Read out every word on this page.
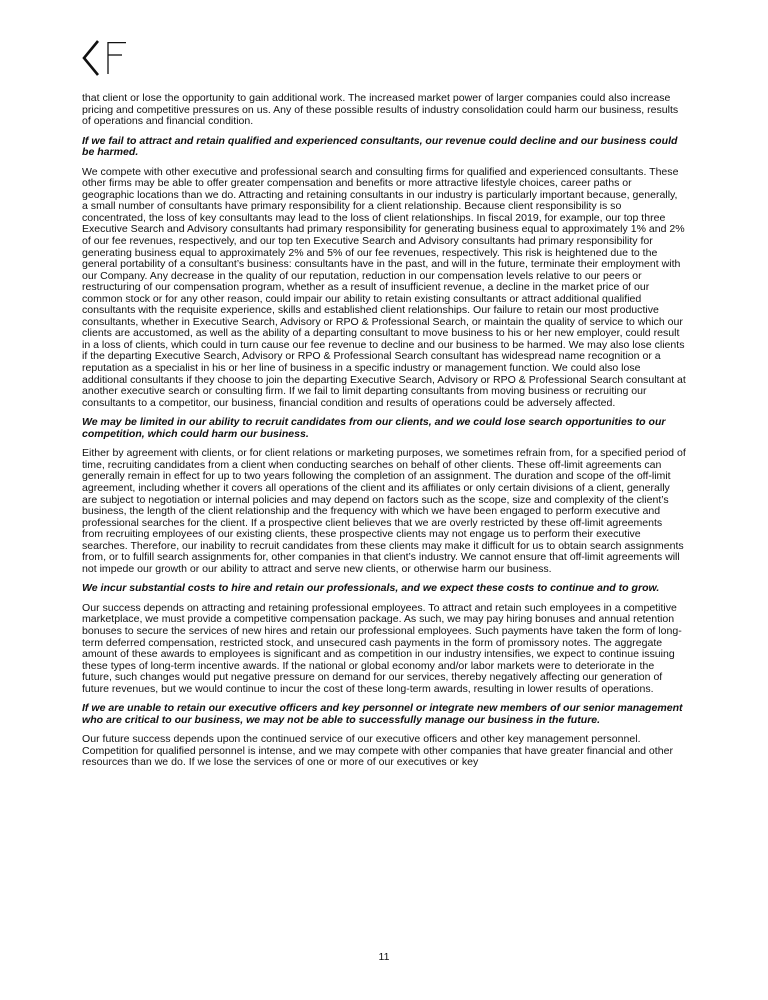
that client or lose the opportunity to gain additional work. The increased market power of larger companies could also increase pricing and competitive pressures on us. Any of these possible results of industry consolidation could harm our business, results of operations and financial condition.

If we fail to attract and retain qualified and experienced consultants, our revenue could decline and our business could be harmed.

We compete with other executive and professional search and consulting firms for qualified and experienced consultants. These other firms may be able to offer greater compensation and benefits or more attractive lifestyle choices, career paths or geographic locations than we do. Attracting and retaining consultants in our industry is particularly important because, generally, a small number of consultants have primary responsibility for a client relationship. Because client responsibility is so concentrated, the loss of key consultants may lead to the loss of client relationships. In fiscal 2019, for example, our top three Executive Search and Advisory consultants had primary responsibility for generating business equal to approximately 1% and 2% of our fee revenues, respectively, and our top ten Executive Search and Advisory consultants had primary responsibility for generating business equal to approximately 2% and 5% of our fee revenues, respectively. This risk is heightened due to the general portability of a consultant’s business: consultants have in the past, and will in the future, terminate their employment with our Company. Any decrease in the quality of our reputation, reduction in our compensation levels relative to our peers or restructuring of our compensation program, whether as a result of insufficient revenue, a decline in the market price of our common stock or for any other reason, could impair our ability to retain existing consultants or attract additional qualified consultants with the requisite experience, skills and established client relationships. Our failure to retain our most productive consultants, whether in Executive Search, Advisory or RPO & Professional Search, or maintain the quality of service to which our clients are accustomed, as well as the ability of a departing consultant to move business to his or her new employer, could result in a loss of clients, which could in turn cause our fee revenue to decline and our business to be harmed. We may also lose clients if the departing Executive Search, Advisory or RPO & Professional Search consultant has widespread name recognition or a reputation as a specialist in his or her line of business in a specific industry or management function. We could also lose additional consultants if they choose to join the departing Executive Search, Advisory or RPO & Professional Search consultant at another executive search or consulting firm. If we fail to limit departing consultants from moving business or recruiting our consultants to a competitor, our business, financial condition and results of operations could be adversely affected.

We may be limited in our ability to recruit candidates from our clients, and we could lose search opportunities to our competition, which could harm our business.

Either by agreement with clients, or for client relations or marketing purposes, we sometimes refrain from, for a specified period of time, recruiting candidates from a client when conducting searches on behalf of other clients. These off-limit agreements can generally remain in effect for up to two years following the completion of an assignment. The duration and scope of the off-limit agreement, including whether it covers all operations of the client and its affiliates or only certain divisions of a client, generally are subject to negotiation or internal policies and may depend on factors such as the scope, size and complexity of the client’s business, the length of the client relationship and the frequency with which we have been engaged to perform executive and professional searches for the client. If a prospective client believes that we are overly restricted by these off-limit agreements from recruiting employees of our existing clients, these prospective clients may not engage us to perform their executive searches. Therefore, our inability to recruit candidates from these clients may make it difficult for us to obtain search assignments from, or to fulfill search assignments for, other companies in that client’s industry. We cannot ensure that off-limit agreements will not impede our growth or our ability to attract and serve new clients, or otherwise harm our business.

We incur substantial costs to hire and retain our professionals, and we expect these costs to continue and to grow.

Our success depends on attracting and retaining professional employees. To attract and retain such employees in a competitive marketplace, we must provide a competitive compensation package. As such, we may pay hiring bonuses and annual retention bonuses to secure the services of new hires and retain our professional employees. Such payments have taken the form of long-term deferred compensation, restricted stock, and unsecured cash payments in the form of promissory notes. The aggregate amount of these awards to employees is significant and as competition in our industry intensifies, we expect to continue issuing these types of long-term incentive awards. If the national or global economy and/or labor markets were to deteriorate in the future, such changes would put negative pressure on demand for our services, thereby negatively affecting our generation of future revenues, but we would continue to incur the cost of these long-term awards, resulting in lower results of operations.

If we are unable to retain our executive officers and key personnel or integrate new members of our senior management who are critical to our business, we may not be able to successfully manage our business in the future.

Our future success depends upon the continued service of our executive officers and other key management personnel. Competition for qualified personnel is intense, and we may compete with other companies that have greater financial and other resources than we do. If we lose the services of one or more of our executives or key

11
